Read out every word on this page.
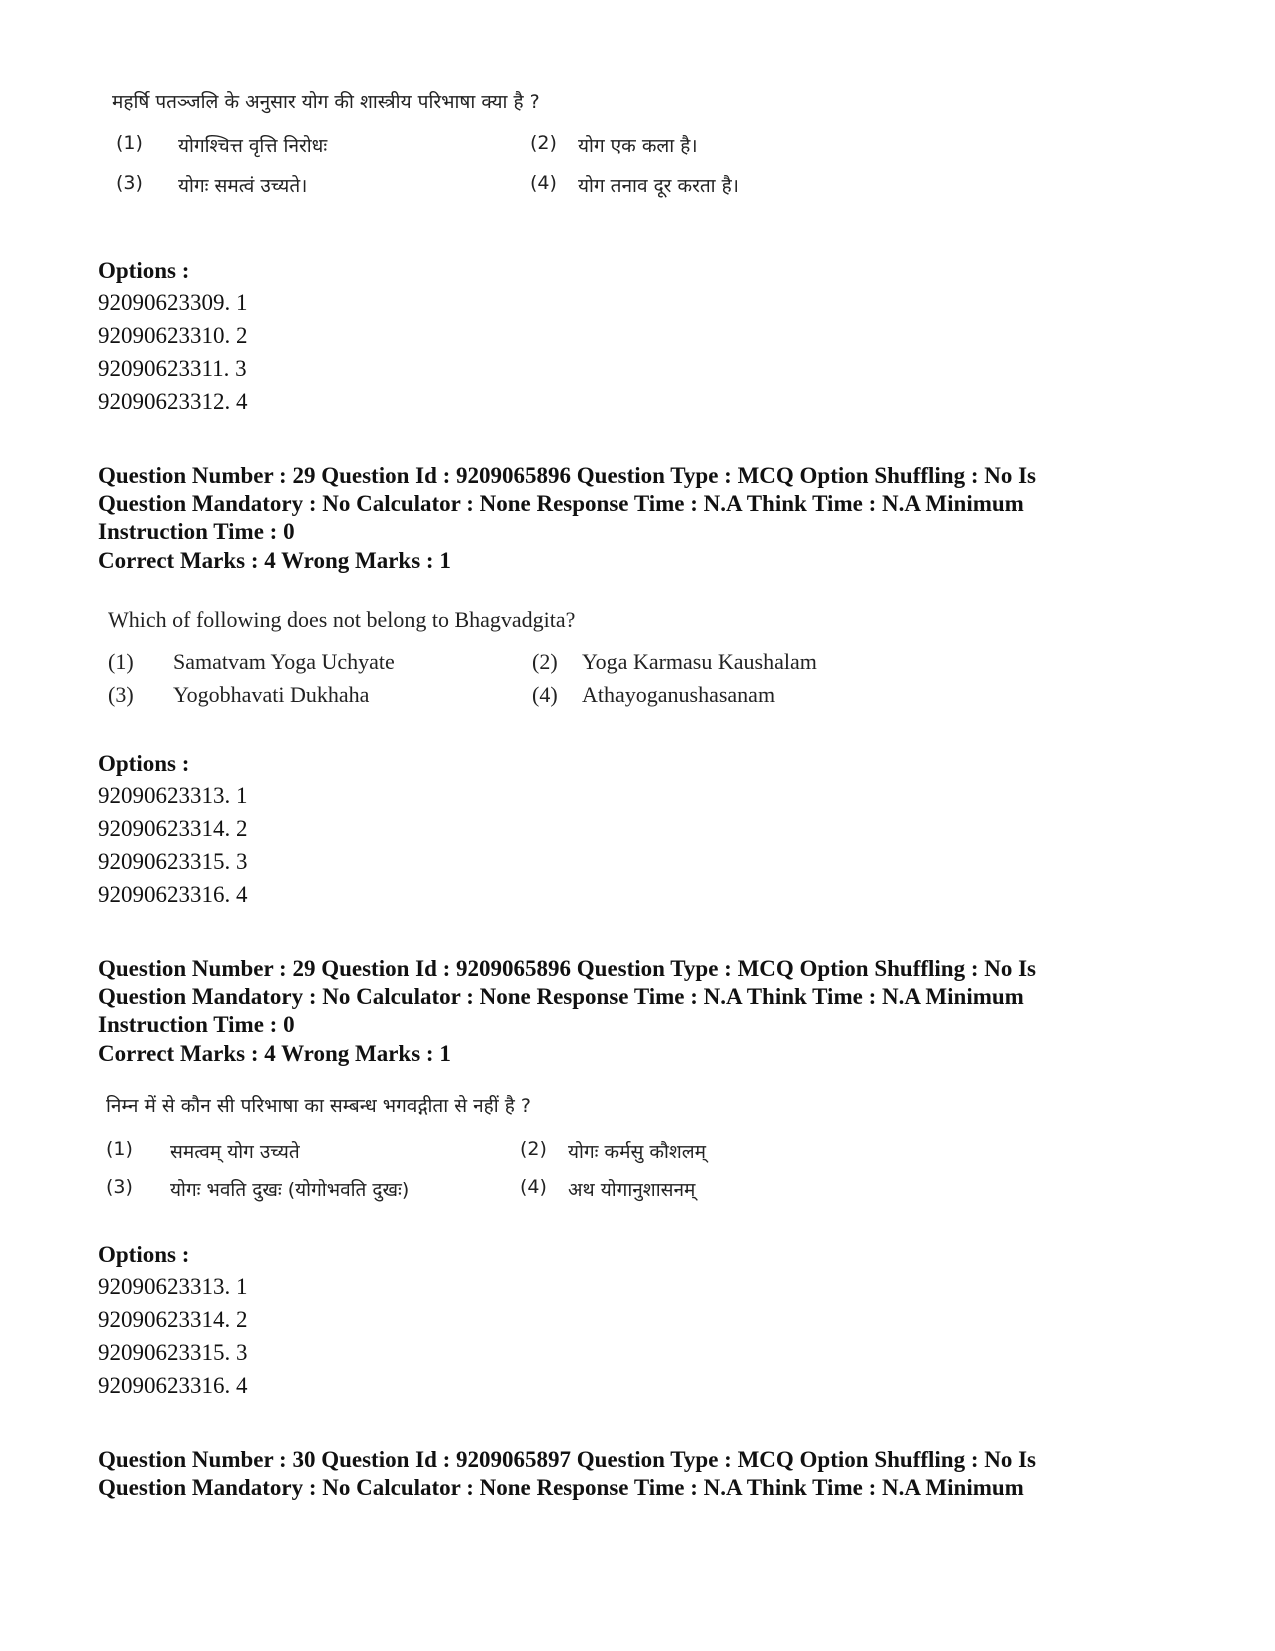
महर्षि पतञ्जलि के अनुसार योग की शास्त्रीय परिभाषा क्या है ?
(1) योगश्चित्त वृत्ति निरोधः	(2) योग एक कला है।
(3) योगः समत्वं उच्यते।	(4) योग तनाव दूर करता है।
Options :
92090623309. 1
92090623310. 2
92090623311. 3
92090623312. 4
Question Number : 29 Question Id : 9209065896 Question Type : MCQ Option Shuffling : No Is
Question Mandatory : No Calculator : None Response Time : N.A Think Time : N.A Minimum
Instruction Time : 0
Correct Marks : 4 Wrong Marks : 1
Which of following does not belong to Bhagvadgita?
(1) Samatvam Yoga Uchyate	(2) Yoga Karmasu Kaushalam
(3) Yogobhavati Dukhaha	(4) Athayoganushasanam
Options :
92090623313. 1
92090623314. 2
92090623315. 3
92090623316. 4
Question Number : 29 Question Id : 9209065896 Question Type : MCQ Option Shuffling : No Is
Question Mandatory : No Calculator : None Response Time : N.A Think Time : N.A Minimum
Instruction Time : 0
Correct Marks : 4 Wrong Marks : 1
निम्न में से कौन सी परिभाषा का सम्बन्ध भगवद्गीता से नहीं है ?
(1) समत्वम् योग उच्यते	(2) योगः कर्मसु कौशलम्
(3) योगः भवति दुखः (योगोभवति दुखः)	(4) अथ योगानुशासनम्
Options :
92090623313. 1
92090623314. 2
92090623315. 3
92090623316. 4
Question Number : 30 Question Id : 9209065897 Question Type : MCQ Option Shuffling : No Is
Question Mandatory : No Calculator : None Response Time : N.A Think Time : N.A Minimum
